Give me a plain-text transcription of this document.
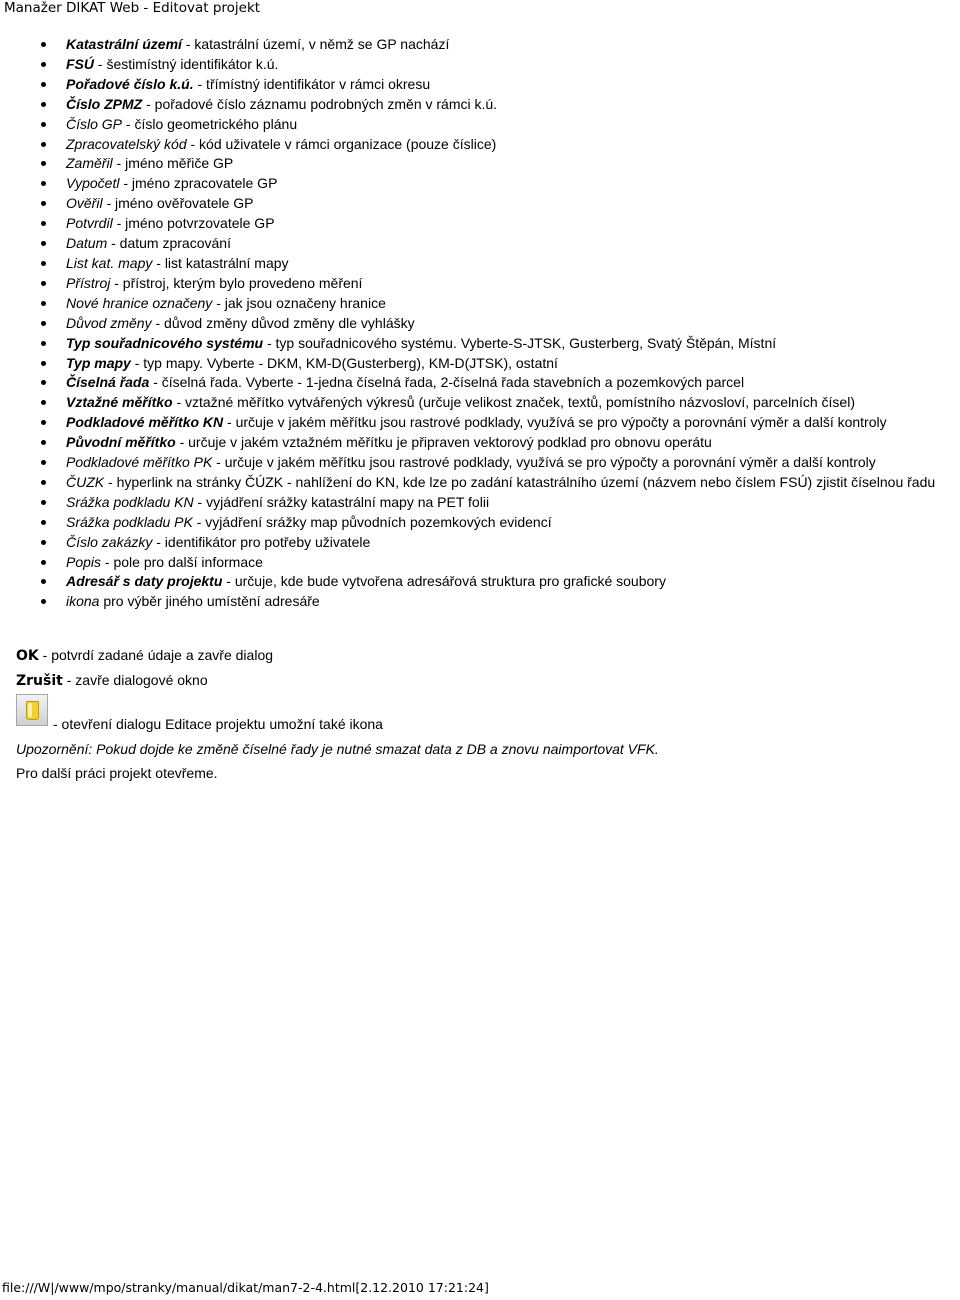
Manažer DIKAT Web - Editovat projekt
Katastrální území - katastrální území, v němž se GP nachází
FSÚ - šestimístný identifikátor k.ú.
Pořadové číslo k.ú. - třímístný identifikátor v rámci okresu
Číslo ZPMZ - pořadové číslo záznamu podrobných změn v rámci k.ú.
Číslo GP - číslo geometrického plánu
Zpracovatelský kód - kód uživatele v rámci organizace (pouze číslice)
Zaměřil - jméno měřiče GP
Vypočetl - jméno zpracovatele GP
Ověřil - jméno ověřovatele GP
Potvrdil - jméno potvrzovatele GP
Datum - datum zpracování
List kat. mapy - list katastrální mapy
Přístroj - přístroj, kterým bylo provedeno měření
Nové hranice označeny - jak jsou označeny hranice
Důvod změny - důvod změny důvod změny dle vyhlášky
Typ souřadnicového systému - typ souřadnicového systému. Vyberte-S-JTSK, Gusterberg, Svatý Štěpán, Místní
Typ mapy - typ mapy. Vyberte - DKM, KM-D(Gusterberg), KM-D(JTSK), ostatní
Číselná řada - číselná řada. Vyberte - 1-jedna číselná řada, 2-číselná řada stavebních a pozemkových parcel
Vztažné měřítko - vztažné měřítko vytvářených výkresů (určuje velikost značek, textů, pomístního názvosloví, parcelních čísel)
Podkladové měřítko KN - určuje v jakém měřítku jsou rastrové podklady, využívá se pro výpočty a porovnání výměr a další kontroly
Původní měřítko - určuje v jakém vztažném měřítku je připraven vektorový podklad pro obnovu operátu
Podkladové měřítko PK - určuje v jakém měřítku jsou rastrové podklady, využívá se pro výpočty a porovnání výměr a další kontroly
ČUZK - hyperlink na stránky ČÚZK - nahlížení do KN, kde lze po zadání katastrálního území (názvem nebo číslem FSÚ) zjistit číselnou řadu
Srážka podkladu KN - vyjádření srážky katastrální mapy na PET folii
Srážka podkladu PK - vyjádření srážky map původních pozemkových evidencí
Číslo zakázky - identifikátor pro potřeby uživatele
Popis - pole pro další informace
Adresář s daty projektu - určuje, kde bude vytvořena adresářová struktura pro grafické soubory
ikona pro výběr jiného umístění adresáře
OK - potvrdí zadané údaje a zavře dialog
Zrušit - zavře dialogové okno
- otevření dialogu Editace projektu umožní také ikona
Upozornění: Pokud dojde ke změně číselné řady je nutné smazat data z DB a znovu naimportovat VFK.
Pro další práci projekt otevřeme.
file:///W|/www/mpo/stranky/manual/dikat/man7-2-4.html[2.12.2010 17:21:24]
